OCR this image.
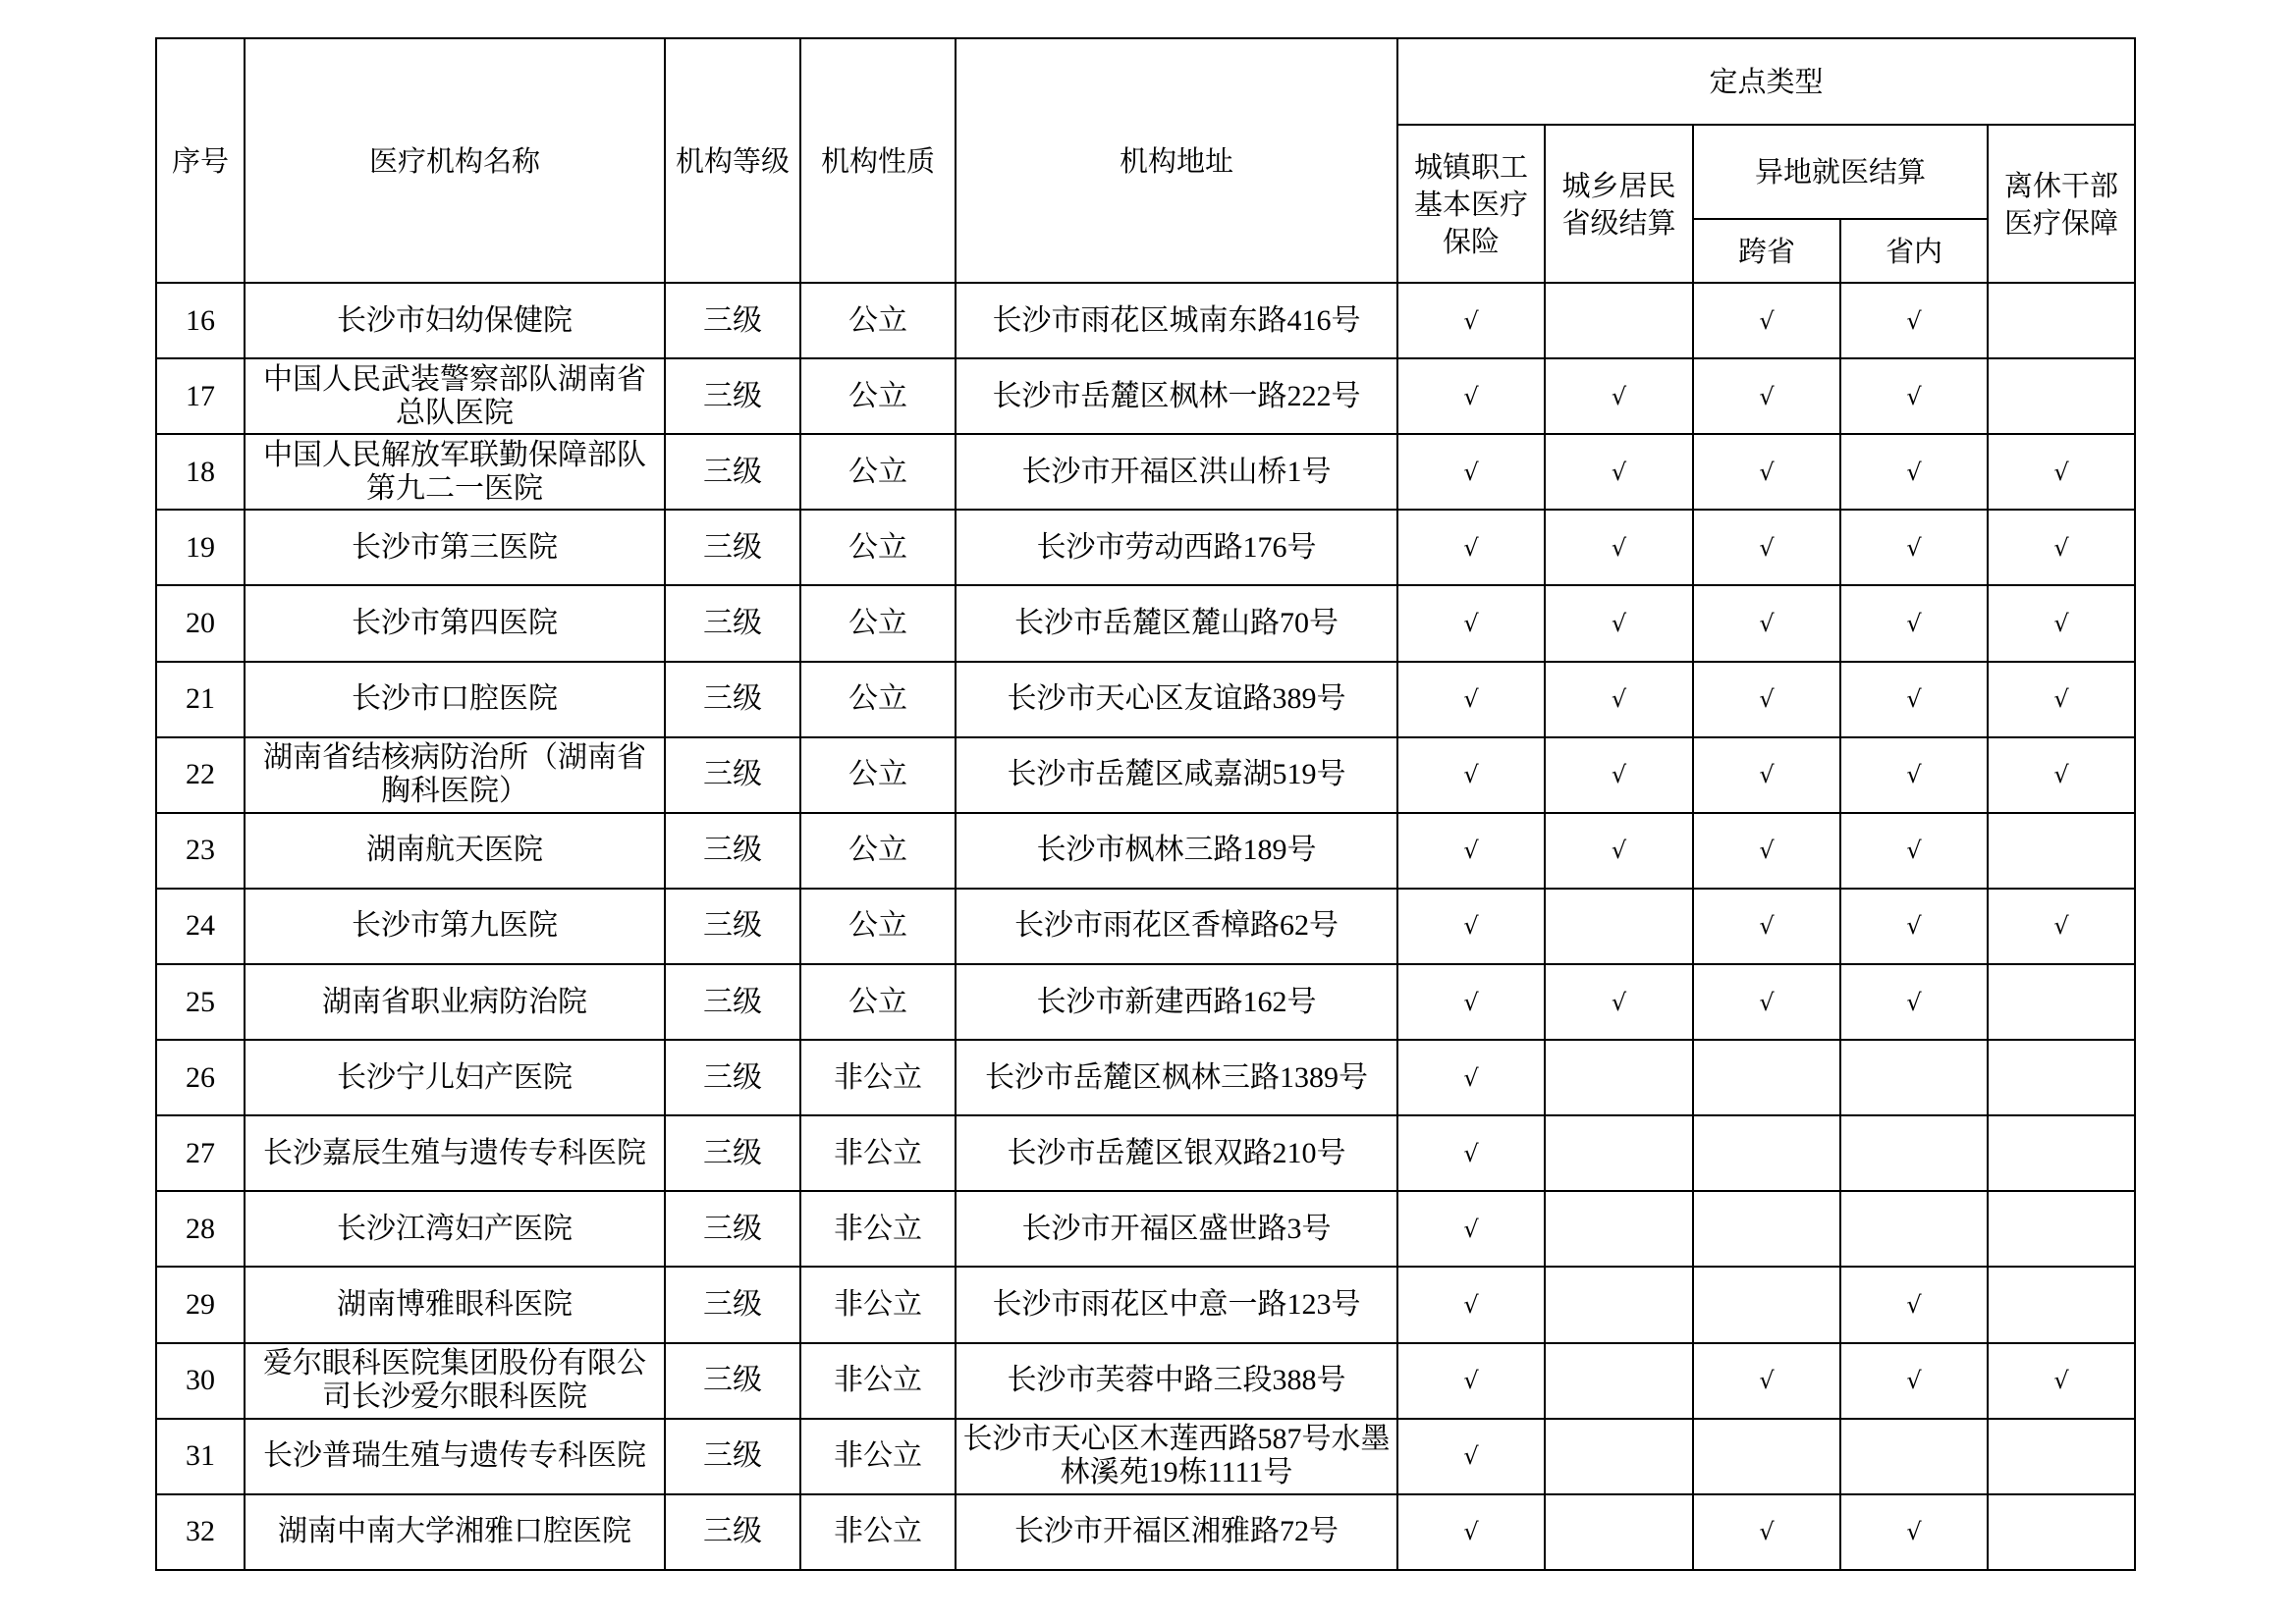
序号	医疗机构名称	机构等级	机构性质	机构地址	定点类型				
					城镇职工基本医疗保险	城乡居民省级结算	异地就医结算		离休干部医疗保障
							跨省	省内	
16	长沙市妇幼保健院	三级	公立	长沙市雨花区城南东路416号	√		√	√	
17	中国人民武装警察部队湖南省总队医院	三级	公立	长沙市岳麓区枫林一路222号	√	√	√	√	
18	中国人民解放军联勤保障部队第九二一医院	三级	公立	长沙市开福区洪山桥1号	√	√	√	√	√
19	长沙市第三医院	三级	公立	长沙市劳动西路176号	√	√	√	√	√
20	长沙市第四医院	三级	公立	长沙市岳麓区麓山路70号	√	√	√	√	√
21	长沙市口腔医院	三级	公立	长沙市天心区友谊路389号	√	√	√	√	√
22	湖南省结核病防治所（湖南省胸科医院）	三级	公立	长沙市岳麓区咸嘉湖519号	√	√	√	√	√
23	湖南航天医院	三级	公立	长沙市枫林三路189号	√	√	√	√	
24	长沙市第九医院	三级	公立	长沙市雨花区香樟路62号	√		√	√	√
25	湖南省职业病防治院	三级	公立	长沙市新建西路162号	√	√	√	√	
26	长沙宁儿妇产医院	三级	非公立	长沙市岳麓区枫林三路1389号	√				
27	长沙嘉辰生殖与遗传专科医院	三级	非公立	长沙市岳麓区银双路210号	√				
28	长沙江湾妇产医院	三级	非公立	长沙市开福区盛世路3号	√				
29	湖南博雅眼科医院	三级	非公立	长沙市雨花区中意一路123号	√			√	
30	爱尔眼科医院集团股份有限公司长沙爱尔眼科医院	三级	非公立	长沙市芙蓉中路三段388号	√		√	√	√
31	长沙普瑞生殖与遗传专科医院	三级	非公立	长沙市天心区木莲西路587号水墨林溪苑19栋1111号	√				
32	湖南中南大学湘雅口腔医院	三级	非公立	长沙市开福区湘雅路72号	√		√	√	
